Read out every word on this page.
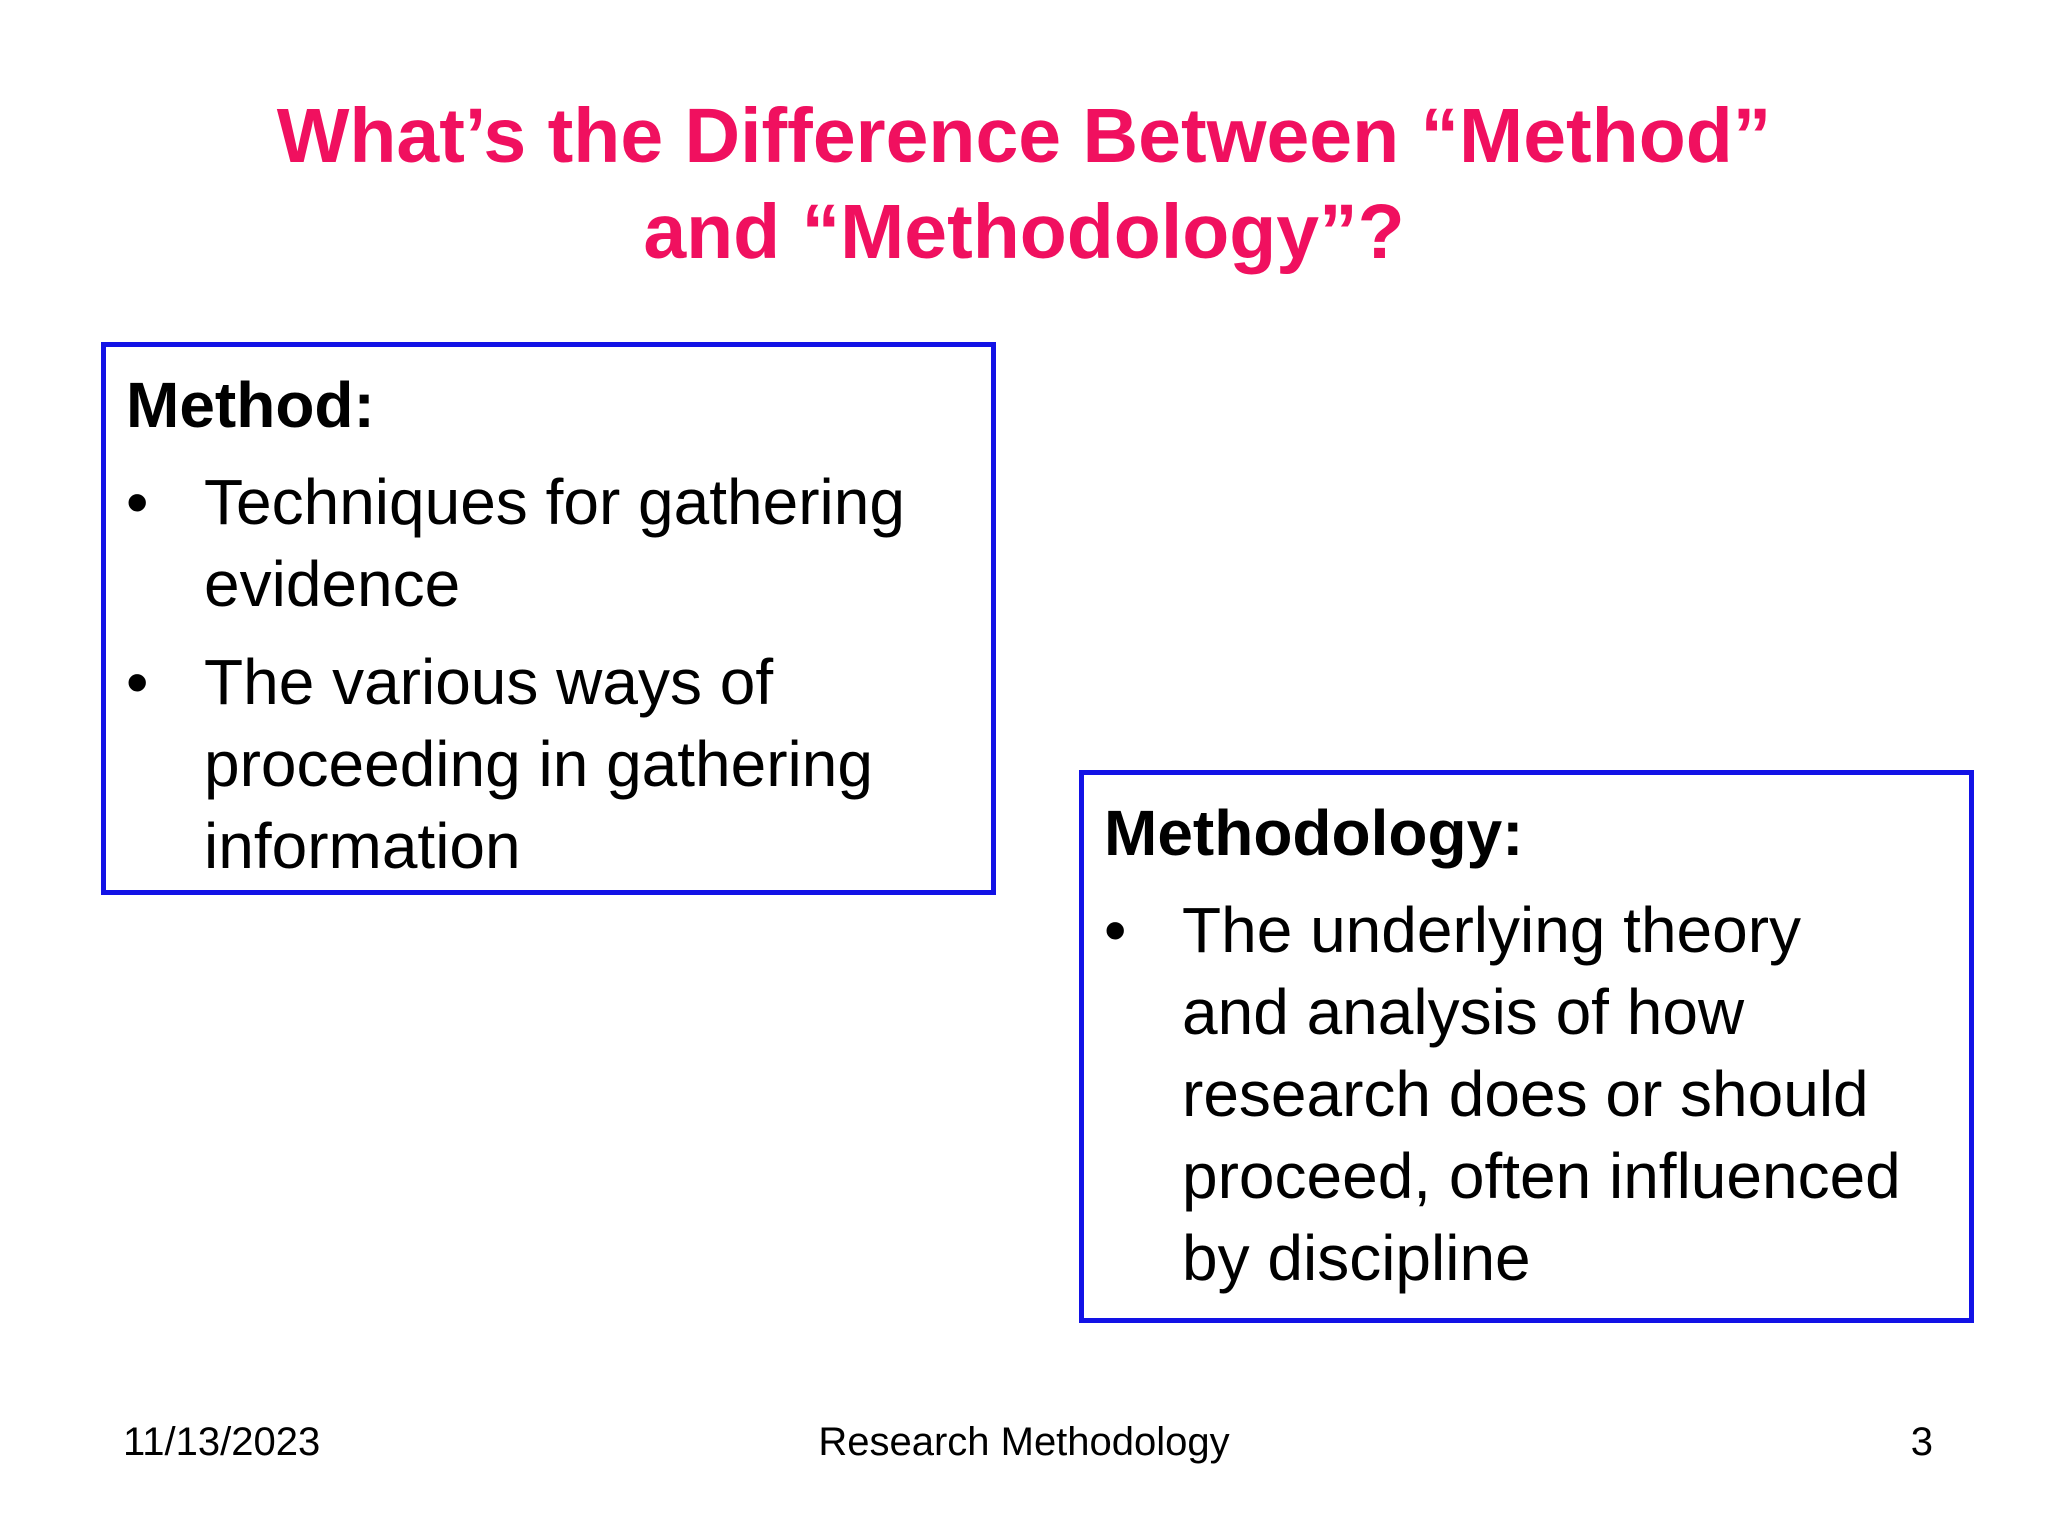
What’s the Difference Between “Method”
and “Methodology”?

Method:

• Techniques for gathering
evidence
• The various ways of
proceeding in gathering
information	Methodology:

• The underlying theory
and analysis of how
research does or should
proceed, often influenced
by discipline
11/13/2023	Research Methodology	3
